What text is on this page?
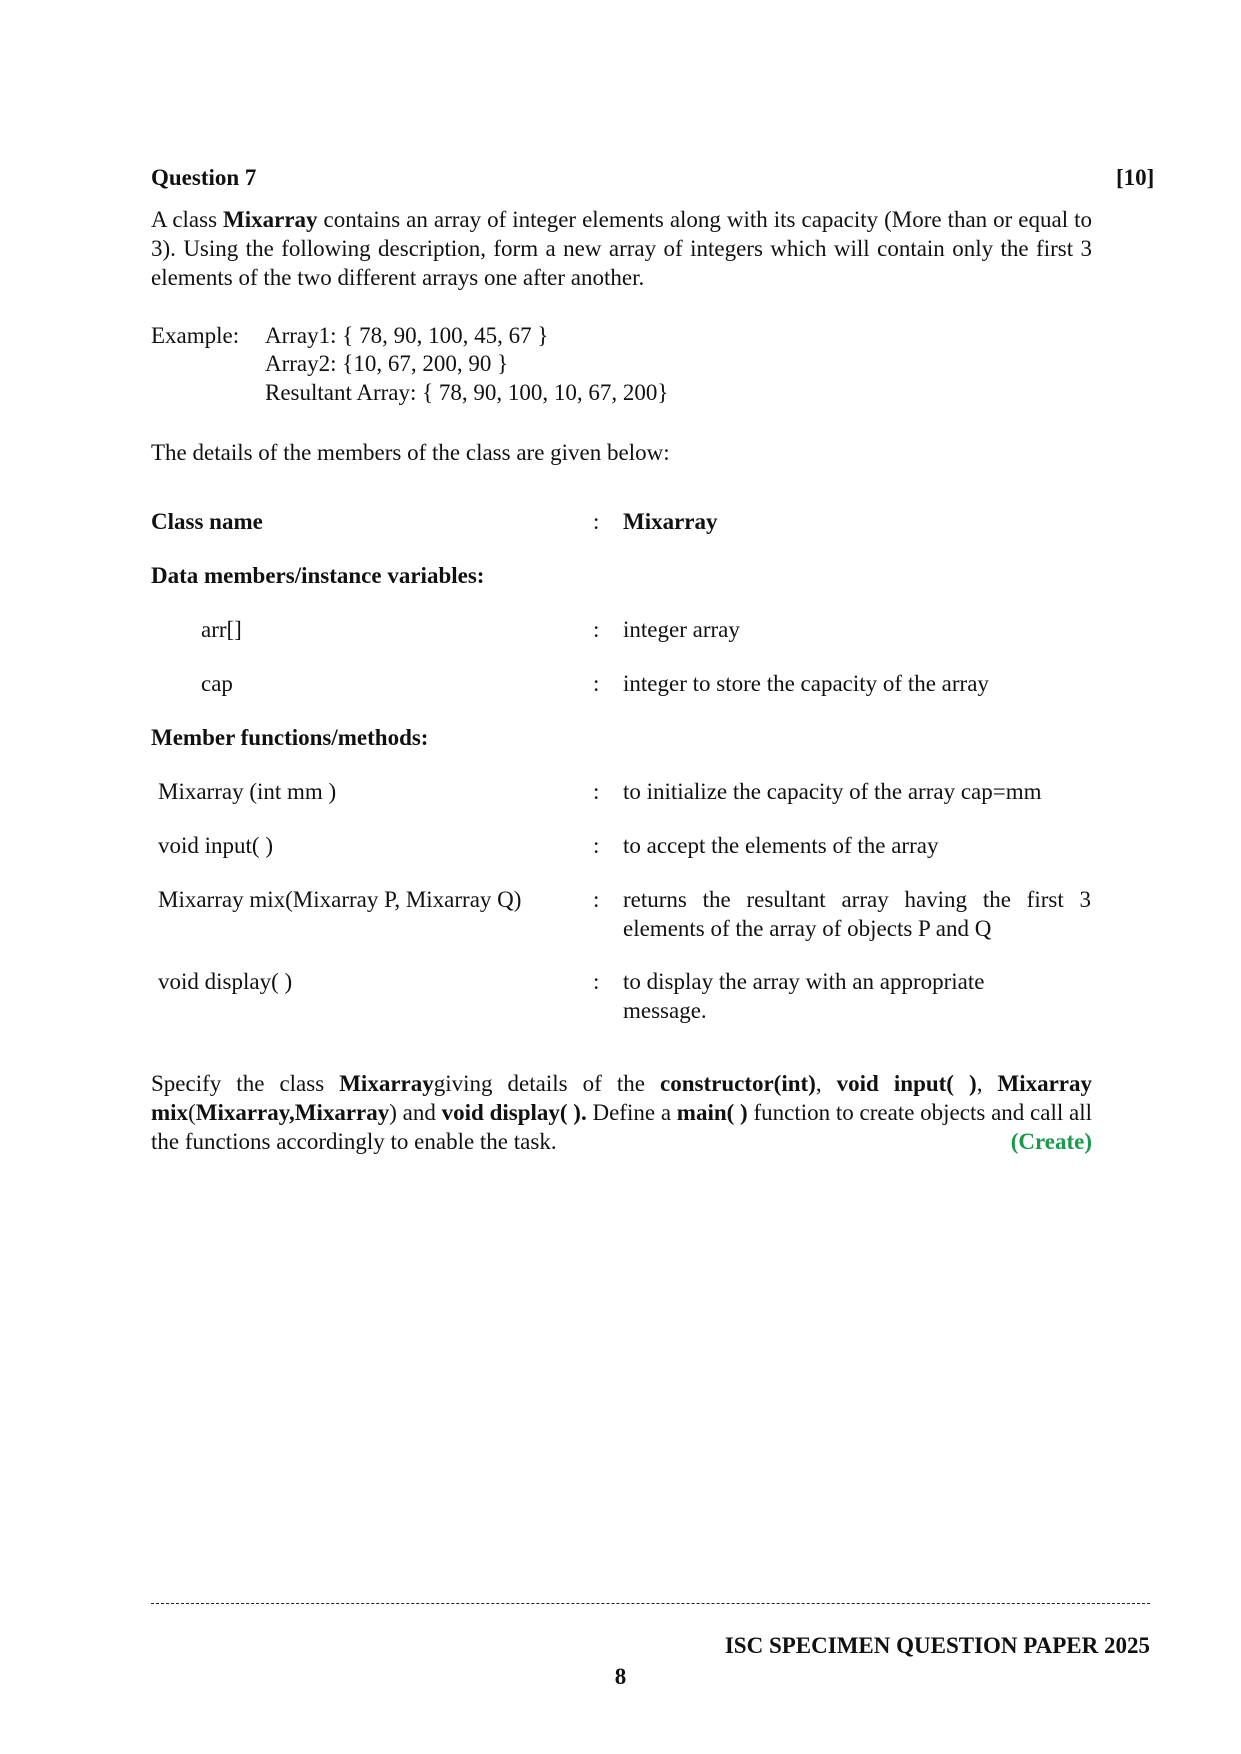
Question 7	[10]
A class Mixarray contains an array of integer elements along with its capacity (More than or equal to 3). Using the following description, form a new array of integers which will contain only the first 3 elements of the two different arrays one after another.
Example: Array1: { 78, 90, 100, 45, 67 }
Array2: {10, 67, 200, 90 }
Resultant Array: { 78, 90, 100, 10, 67, 200}
The details of the members of the class are given below:
Class name	: Mixarray
Data members/instance variables:
arr[]	: integer array
cap	: integer to store the capacity of the array
Member functions/methods:
Mixarray (int mm )	: to initialize the capacity of the array cap=mm
void input( )	: to accept the elements of the array
Mixarray mix(Mixarray P, Mixarray Q)	: returns the resultant array having the first 3 elements of the array of objects P and Q
void display( )	: to display the array with an appropriate message.
Specify the class Mixarraygiving details of the constructor(int), void input( ), Mixarray mix(Mixarray,Mixarray) and void display( ). Define a main( ) function to create objects and call all the functions accordingly to enable the task.	(Create)
ISC SPECIMEN QUESTION PAPER 2025
8
